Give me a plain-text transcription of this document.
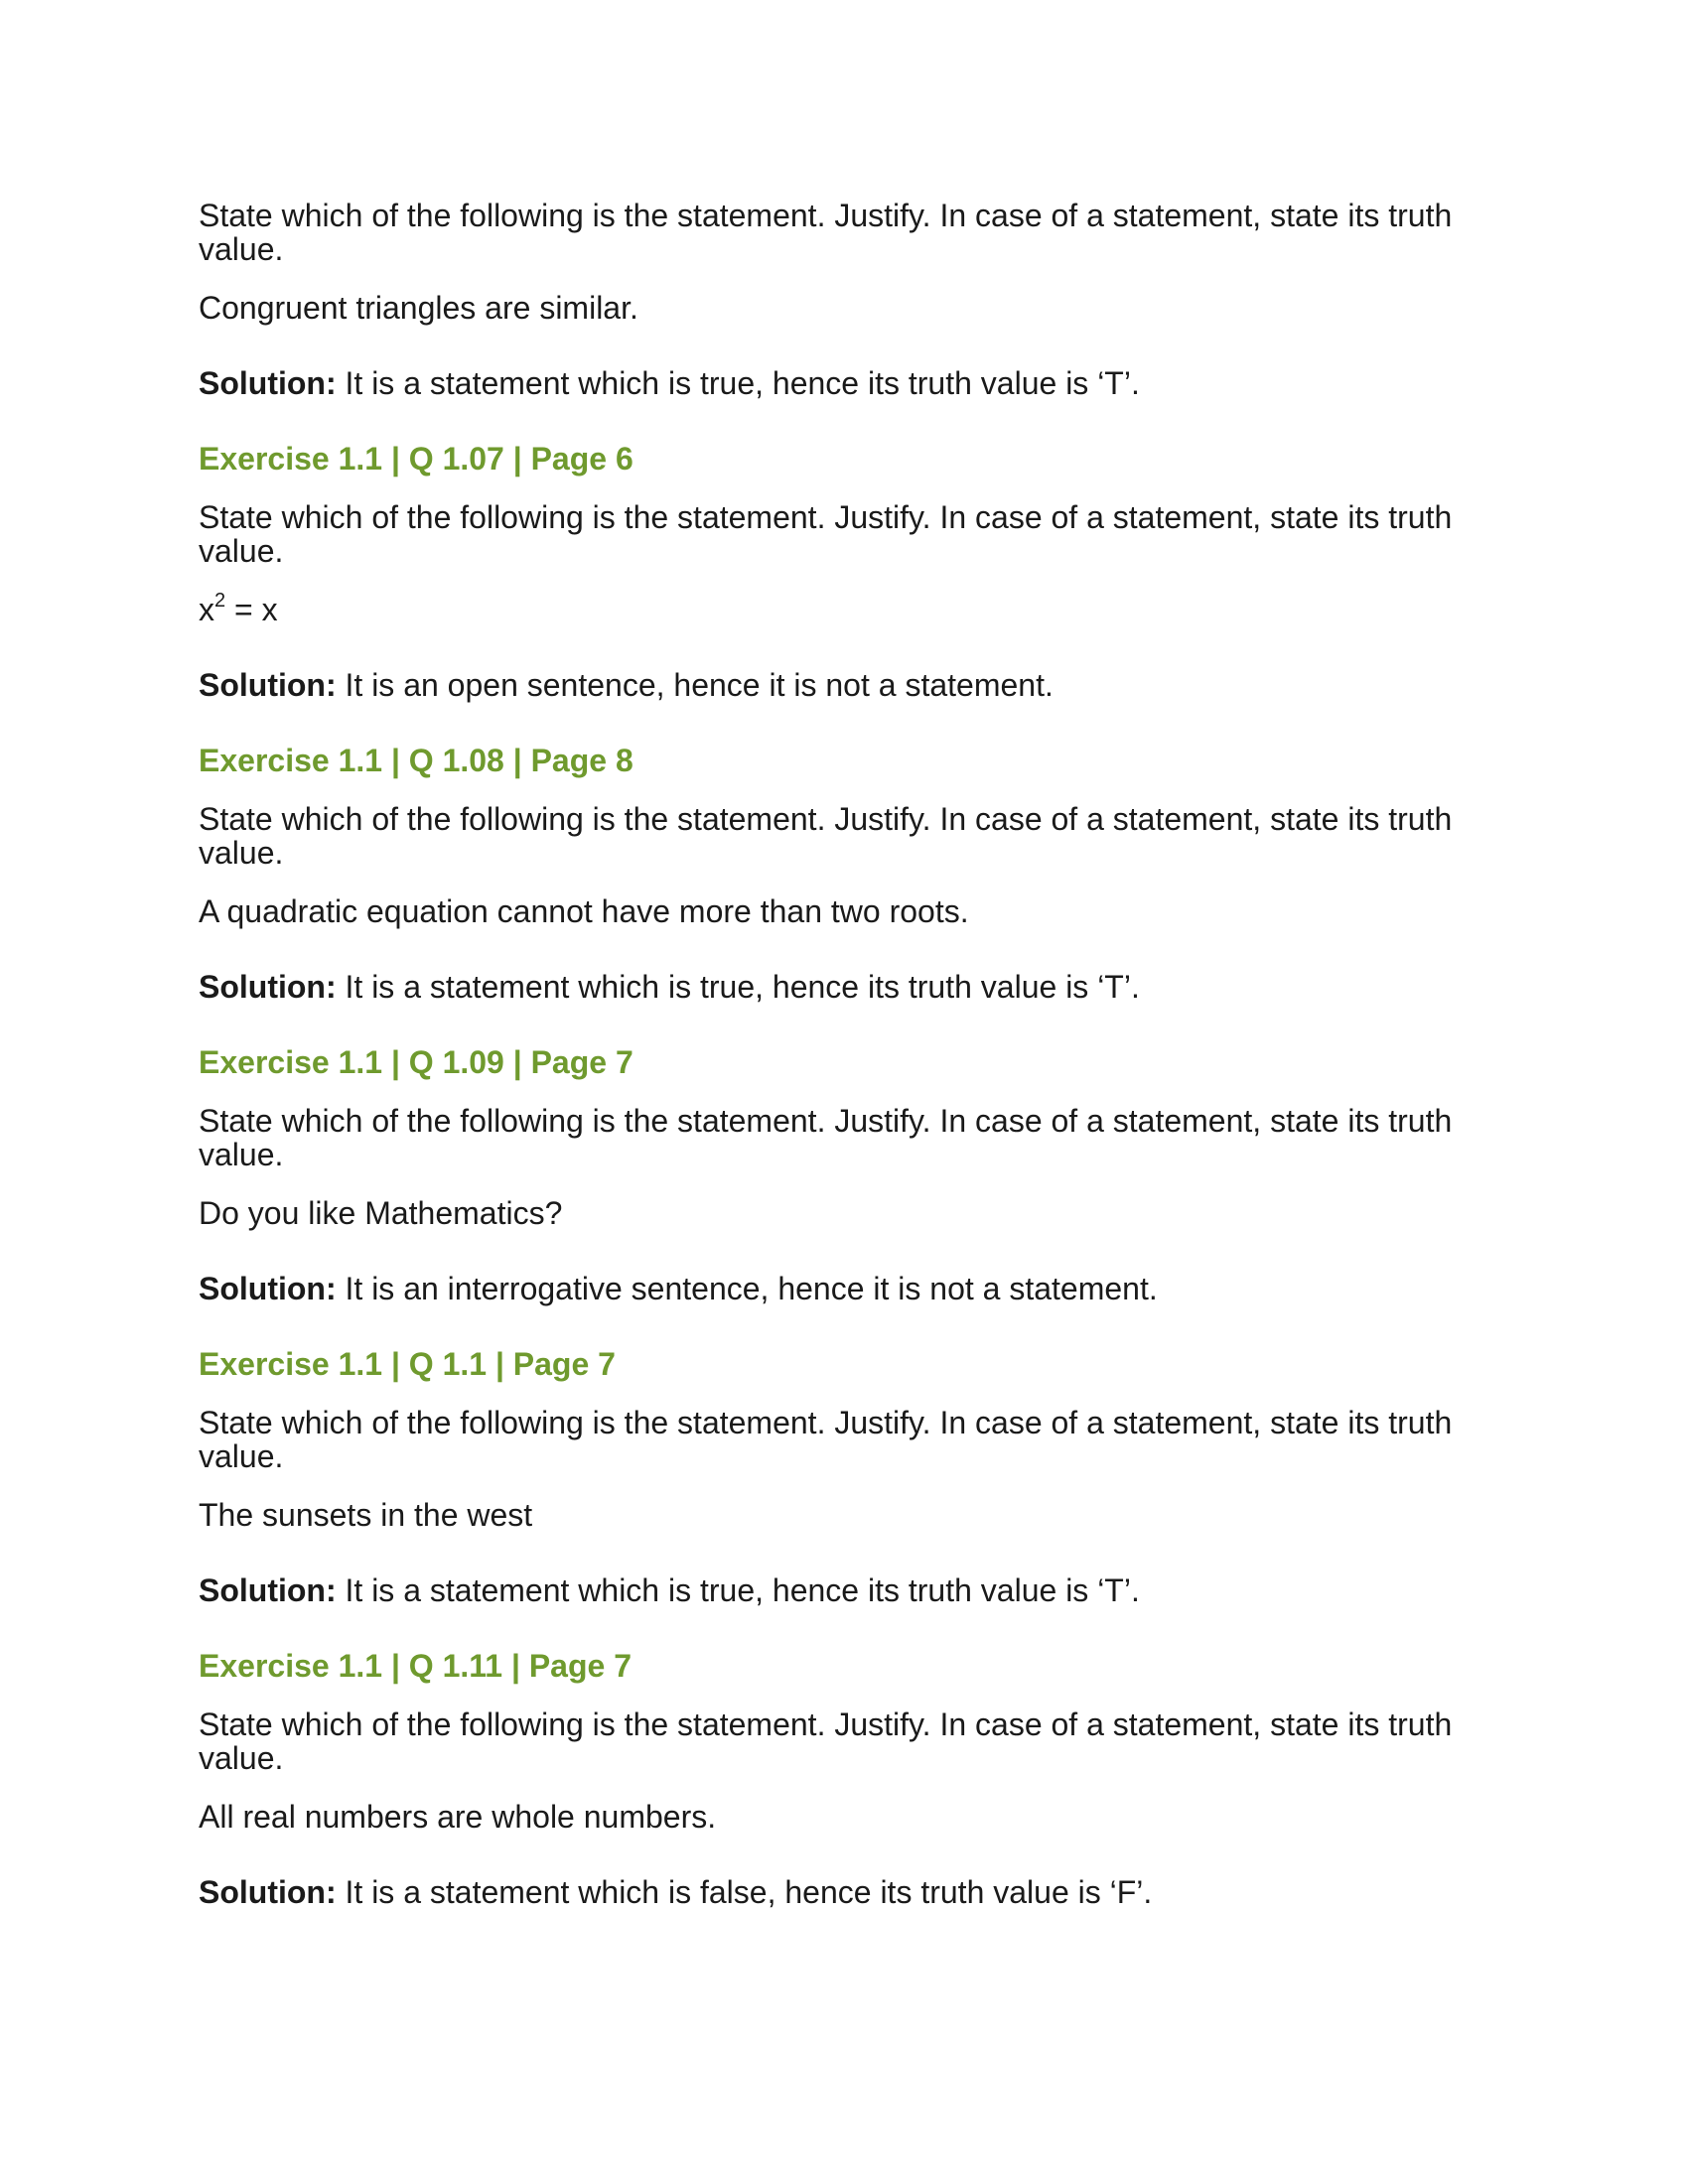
State which of the following is the statement. Justify. In case of a statement, state its truth value.

Congruent triangles are similar.

Solution: It is a statement which is true, hence its truth value is ‘T’.

Exercise 1.1 | Q 1.07 | Page 6

State which of the following is the statement. Justify. In case of a statement, state its truth value.

$x^2 = x$

Solution: It is an open sentence, hence it is not a statement.

Exercise 1.1 | Q 1.08 | Page 8

State which of the following is the statement. Justify. In case of a statement, state its truth value.

A quadratic equation cannot have more than two roots.

Solution: It is a statement which is true, hence its truth value is ‘T’.

Exercise 1.1 | Q 1.09 | Page 7

State which of the following is the statement. Justify. In case of a statement, state its truth value.

Do you like Mathematics?

Solution: It is an interrogative sentence, hence it is not a statement.

Exercise 1.1 | Q 1.1 | Page 7

State which of the following is the statement. Justify. In case of a statement, state its truth value.

The sunsets in the west

Solution: It is a statement which is true, hence its truth value is ‘T’.

Exercise 1.1 | Q 1.11 | Page 7

State which of the following is the statement. Justify. In case of a statement, state its truth value.

All real numbers are whole numbers.

Solution: It is a statement which is false, hence its truth value is ‘F’.
